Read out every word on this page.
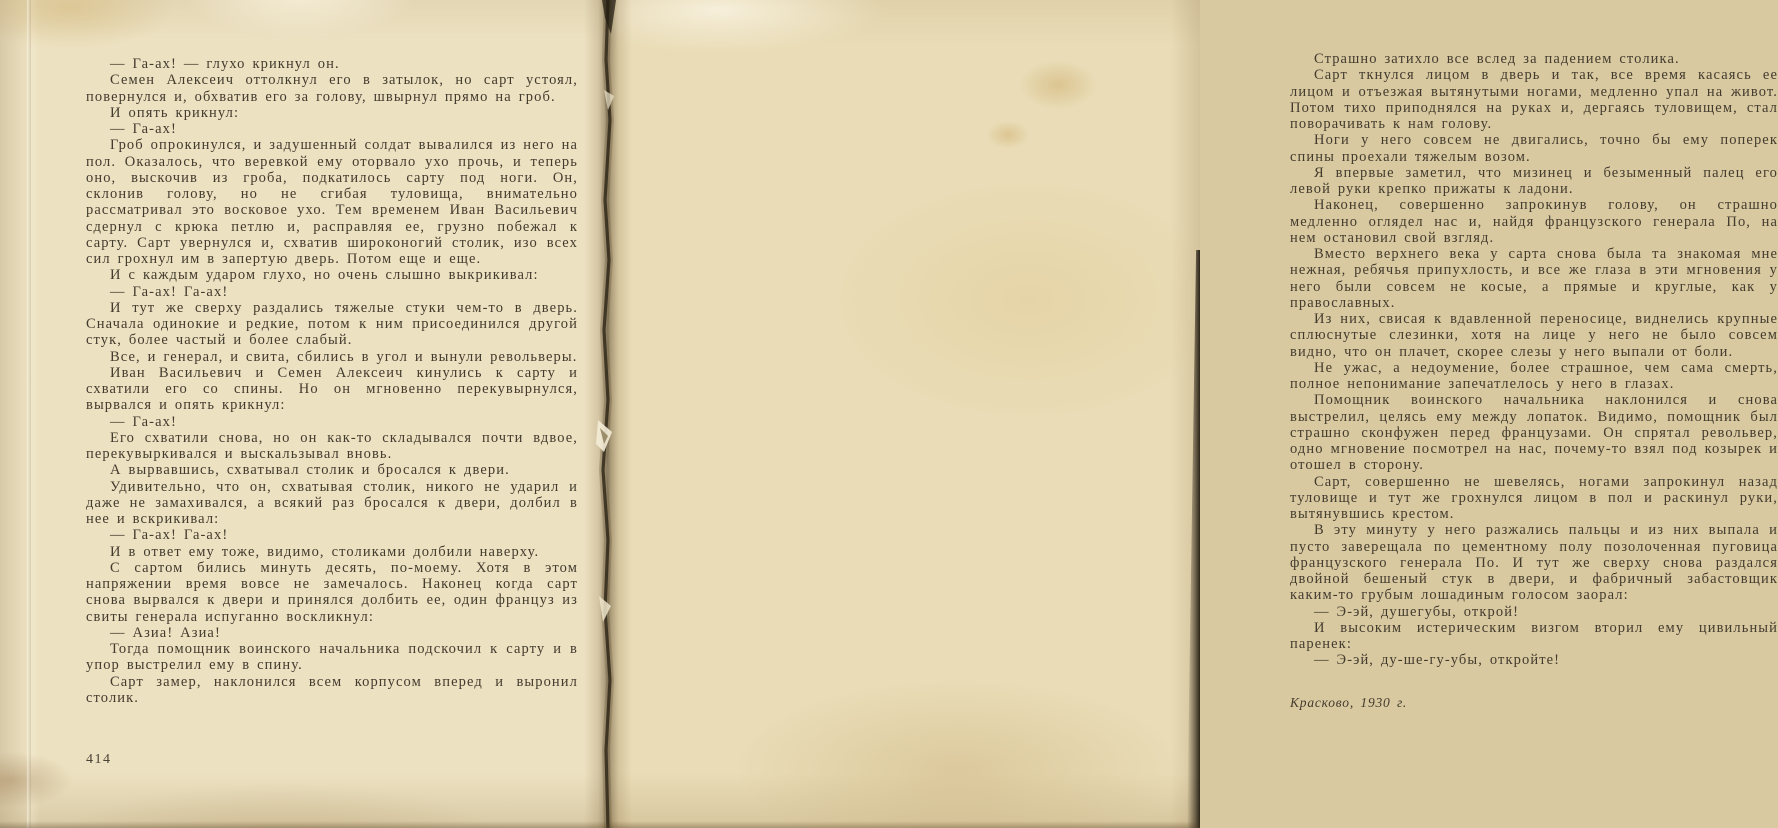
— Га-ах! — глухо крикнул он.

Семен Алексеич оттолкнул его в затылок, но сарт устоял, повернулся и, обхватив его за голову, швырнул прямо на гроб.

И опять крикнул:

— Га-ах!

Гроб опрокинулся, и задушенный солдат вывалился из него на пол. Оказалось, что веревкой ему оторвало ухо прочь, и теперь оно, выскочив из гроба, подкатилось сарту под ноги. Он, склонив голову, но не сгибая туловища, внимательно рассматривал это восковое ухо. Тем временем Иван Васильевич сдернул с крюка петлю и, расправляя ее, грузно побежал к сарту. Сарт увернулся и, схватив широконогий столик, изо всех сил грохнул им в запертую дверь. Потом еще и еще.

И с каждым ударом глухо, но очень слышно выкрикивал:

— Га-ах! Га-ах!

И тут же сверху раздались тяжелые стуки чем-то в дверь. Сначала одинокие и редкие, потом к ним присоединился другой стук, более частый и более слабый.

Все, и генерал, и свита, сбились в угол и вынули револьверы.

Иван Васильевич и Семен Алексеич кинулись к сарту и схватили его со спины. Но он мгновенно перекувырнулся, вырвался и опять крикнул:

— Га-ах!

Его схватили снова, но он как-то складывался почти вдвое, перекувыркивался и выскальзывал вновь.

А вырвавшись, схватывал столик и бросался к двери.

Удивительно, что он, схватывая столик, никого не ударил и даже не замахивался, а всякий раз бросался к двери, долбил в нее и вскрикивал:

— Га-ах! Га-ах!

И в ответ ему тоже, видимо, столиками долбили наверху.

С сартом бились минуть десять, по-моему. Хотя в этом напряжении время вовсе не замечалось. Наконец когда сарт снова вырвался к двери и принялся долбить ее, один француз из свиты генерала испуганно воскликнул:

— Азиа! Азиа!

Тогда помощник воинского начальника подскочил к сарту и в упор выстрелил ему в спину.

Сарт замер, наклонился всем корпусом вперед и выронил столик.

414

Страшно затихло все вслед за падением столика.

Сарт ткнулся лицом в дверь и так, все время касаясь ее лицом и отъезжая вытянутыми ногами, медленно упал на живот. Потом тихо приподнялся на руках и, дергаясь туловищем, стал поворачивать к нам голову.

Ноги у него совсем не двигались, точно бы ему поперек спины проехали тяжелым возом.

Я впервые заметил, что мизинец и безыменный палец его левой руки крепко прижаты к ладони.

Наконец, совершенно запрокинув голову, он страшно медленно оглядел нас и, найдя французского генерала По, на нем остановил свой взгляд.

Вместо верхнего века у сарта снова была та знакомая мне нежная, ребячья припухлость, и все же глаза в эти мгновения у него были совсем не косые, а прямые и круглые, как у православных.

Из них, свисая к вдавленной переносице, виднелись крупные сплюснутые слезинки, хотя на лице у него не было совсем видно, что он плачет, скорее слезы у него выпали от боли.

Не ужас, а недоумение, более страшное, чем сама смерть, полное непонимание запечатлелось у него в глазах.

Помощник воинского начальника наклонился и снова выстрелил, целясь ему между лопаток. Видимо, помощник был страшно сконфужен перед французами. Он спрятал револьвер, одно мгновение посмотрел на нас, почему-то взял под козырек и отошел в сторону.

Сарт, совершенно не шевелясь, ногами запрокинул назад туловище и тут же грохнулся лицом в пол и раскинул руки, вытянувшись крестом.

В эту минуту у него разжались пальцы и из них выпала и пусто заверещала по цементному полу позолоченная пуговица французского генерала По. И тут же сверху снова раздался двойной бешеный стук в двери, и фабричный забастовщик каким-то грубым лошадиным голосом заорал:

— Э-эй, душегубы, открой!

И высоким истерическим визгом вторил ему цивильный паренек:

— Э-эй, ду-ше-гу-убы, откройте!

Красково, 1930 г.
